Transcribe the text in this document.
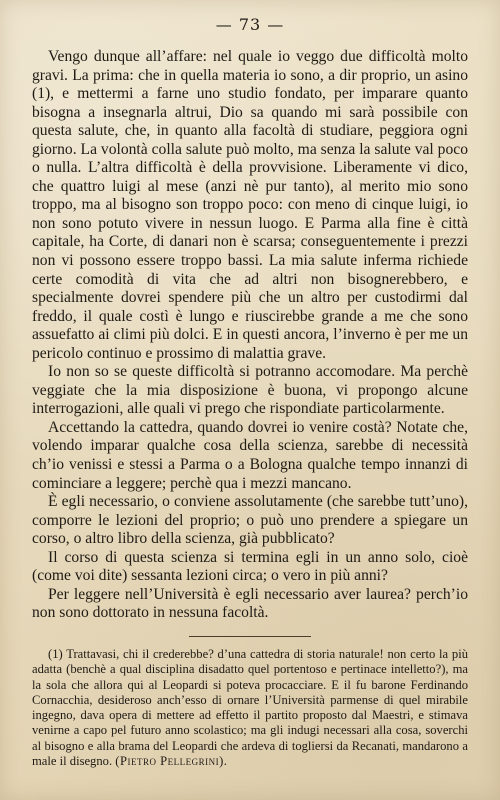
— 73 —

Vengo dunque all’affare: nel quale io veggo due difficoltà molto gravi. La prima: che in quella materia io sono, a dir proprio, un asino (1), e mettermi a farne uno studio fondato, per imparare quanto bisogna a insegnarla altrui, Dio sa quando mi sarà possibile con questa salute, che, in quanto alla facoltà di studiare, peggiora ogni giorno. La volontà colla salute può molto, ma senza la salute val poco o nulla. L’altra difficoltà è della provvisione. Liberamente vi dico, che quattro luigi al mese (anzi nè pur tanto), al merito mio sono troppo, ma al bisogno son troppo poco: con meno di cinque luigi, io non sono potuto vivere in nessun luogo. E Parma alla fine è città capitale, ha Corte, di danari non è scarsa; conseguentemente i prezzi non vi possono essere troppo bassi. La mia salute inferma richiede certe comodità di vita che ad altri non bisognerebbero, e specialmente dovrei spendere più che un altro per custodirmi dal freddo, il quale costì è lungo e riuscirebbe grande a me che sono assuefatto ai climi più dolci. E in questi ancora, l’inverno è per me un pericolo continuo e prossimo di malattia grave.

Io non so se queste difficoltà si potranno accomodare. Ma perchè veggiate che la mia disposizione è buona, vi propongo alcune interrogazioni, alle quali vi prego che rispondiate particolarmente.

Accettando la cattedra, quando dovrei io venire costà? Notate che, volendo imparar qualche cosa della scienza, sarebbe di necessità ch’io venissi e stessi a Parma o a Bologna qualche tempo innanzi di cominciare a leggere; perchè qua i mezzi mancano.

È egli necessario, o conviene assolutamente (che sarebbe tutt’uno), comporre le lezioni del proprio; o può uno prendere a spiegare un corso, o altro libro della scienza, già pubblicato?

Il corso di questa scienza si termina egli in un anno solo, cioè (come voi dite) sessanta lezioni circa; o vero in più anni?

Per leggere nell’Università è egli necessario aver laurea? perch’io non sono dottorato in nessuna facoltà.

(1) Trattavasi, chi il crederebbe? d’una cattedra di storia naturale! non certo la più adatta (benchè a qual disciplina disadatto quel portentoso e pertinace intelletto?), ma la sola che allora qui al Leopardi si poteva procacciare. E il fu barone Ferdinando Cornacchia, desideroso anch’esso di ornare l’Università parmense di quel mirabile ingegno, dava opera di mettere ad effetto il partito proposto dal Maestri, e stimava venirne a capo pel futuro anno scolastico; ma gli indugi necessari alla cosa, soverchi al bisogno e alla brama del Leopardi che ardeva di togliersi da Recanati, mandarono a male il disegno. (Pietro Pellegrini).
